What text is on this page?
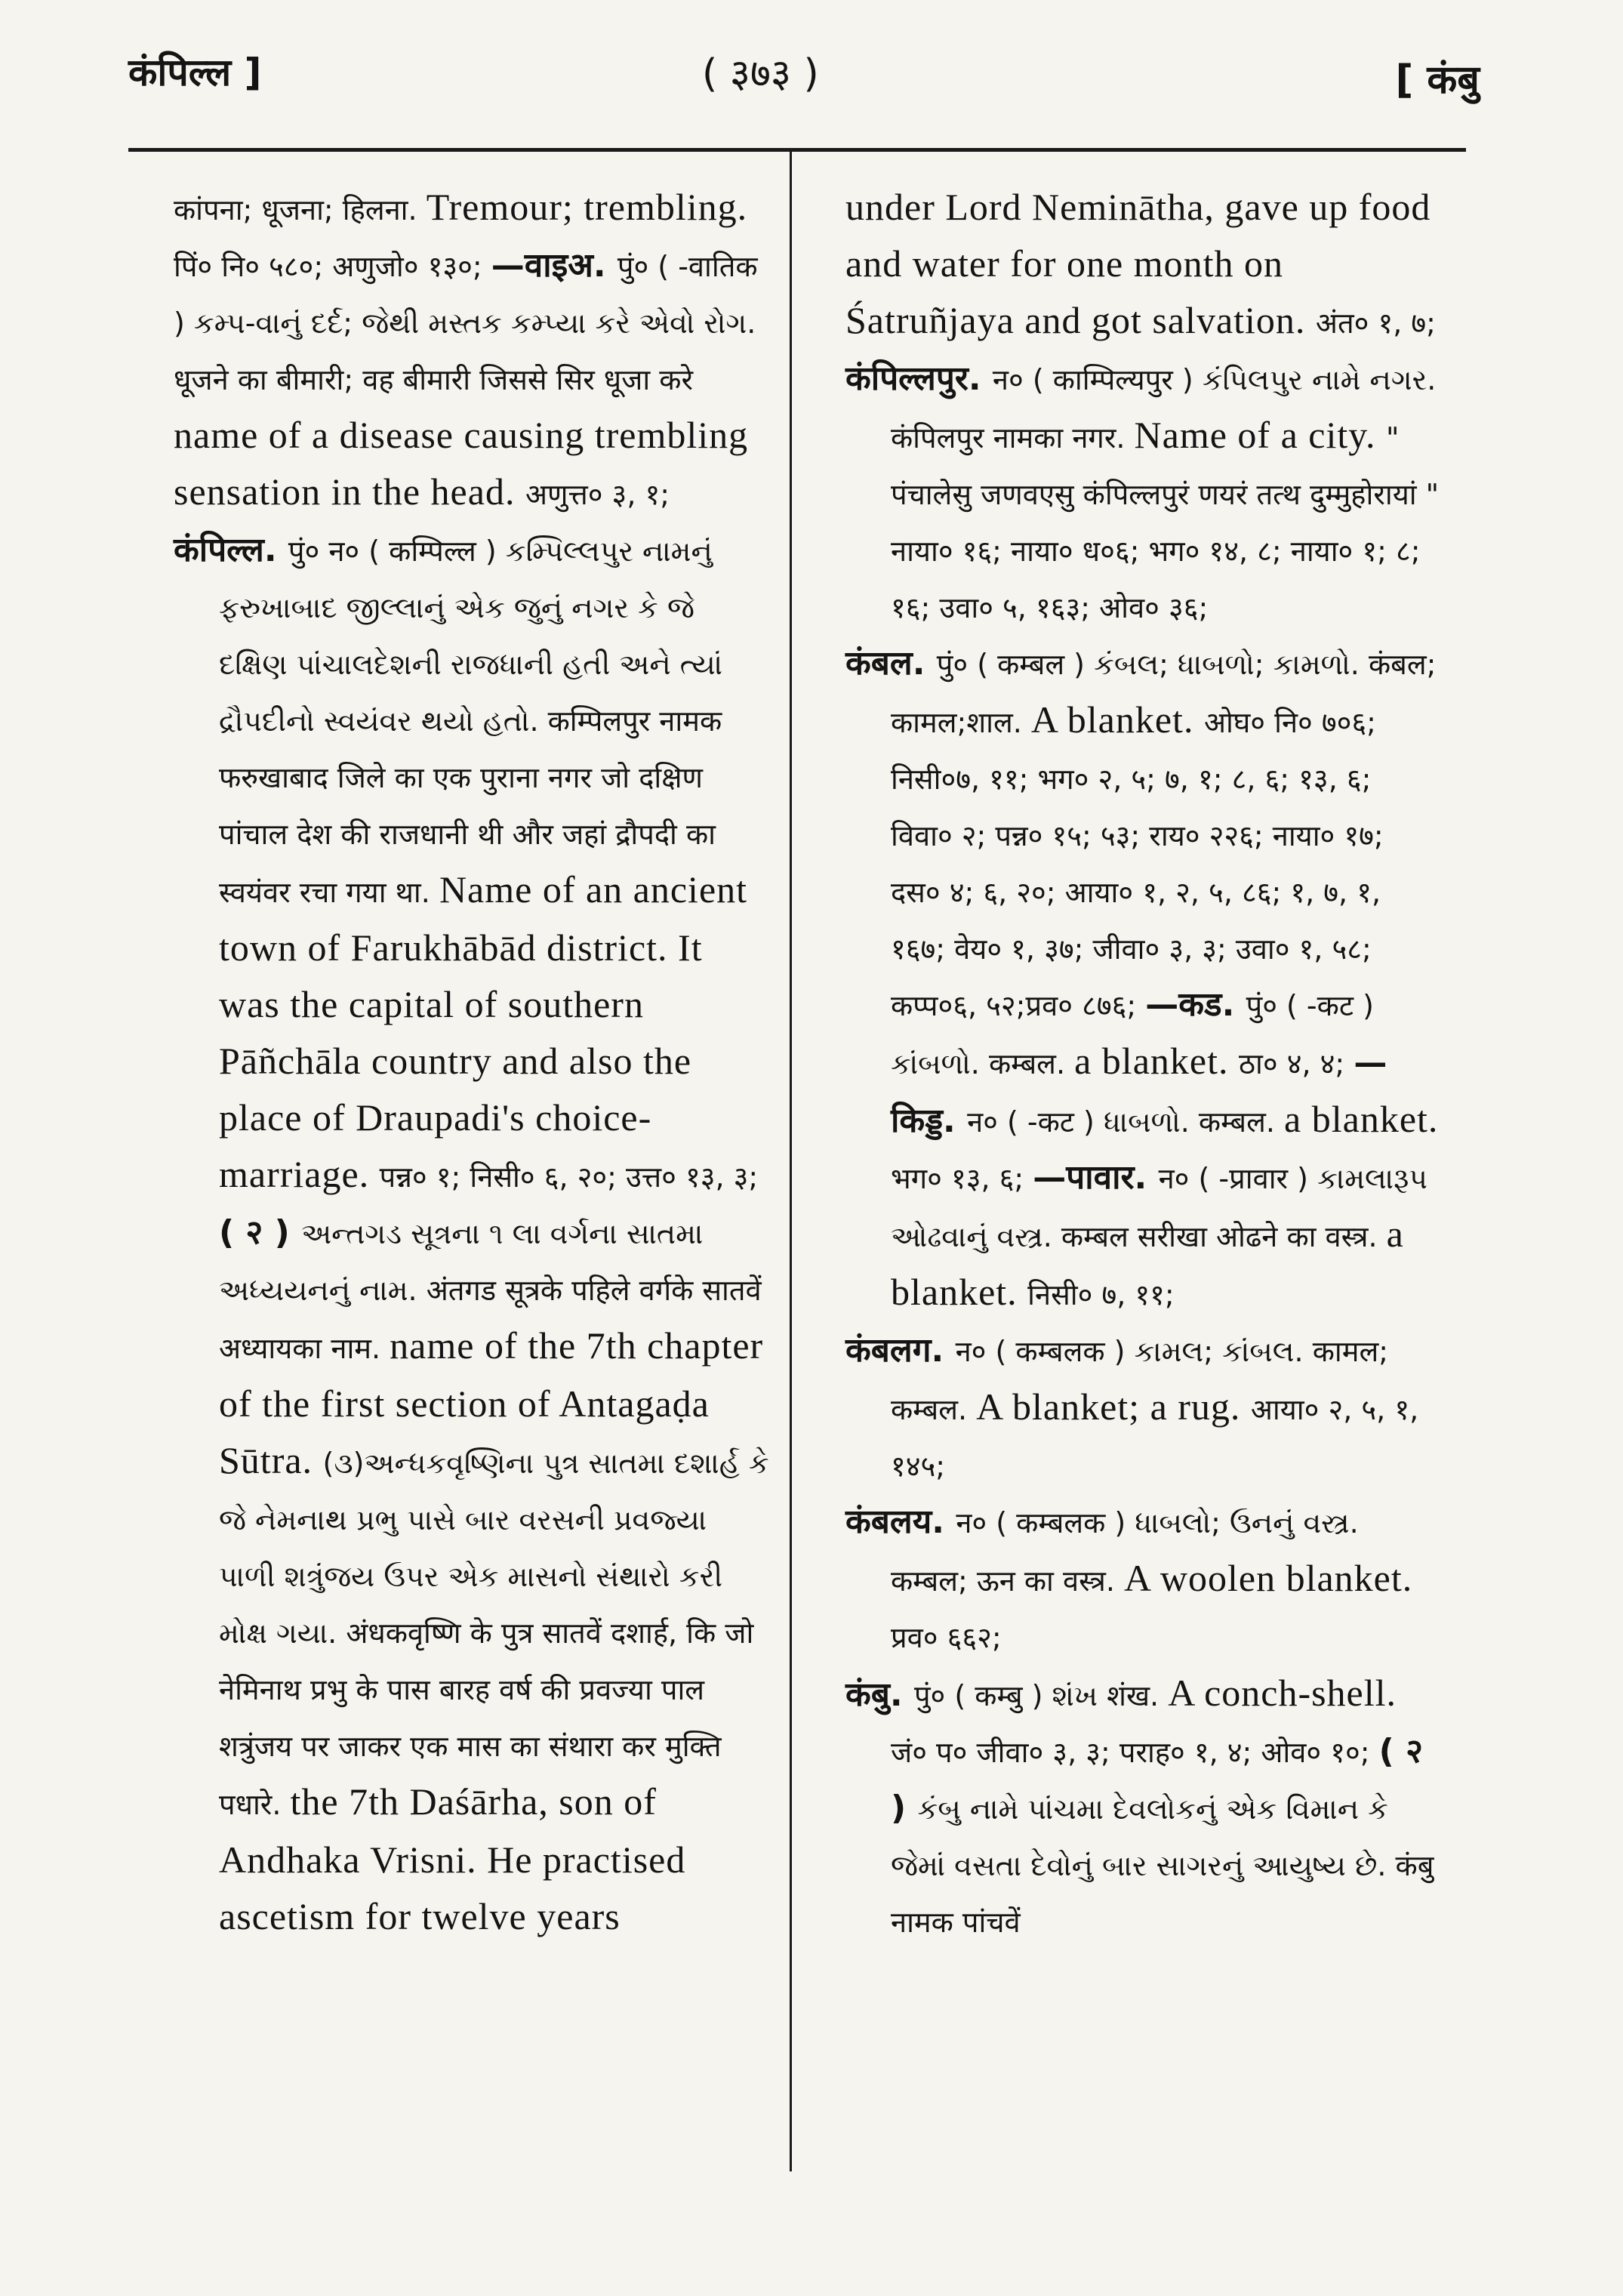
कंपिल्ल ]	( ३७३ )	[ कंबु

कांपना; धूजना; हिलना. Tremour; trembling. पिं० नि० ५८०; अणुजो० १३०; —वाइअ. पुं० ( -वातिक ) કમ્પ-વાનું દર્દ; જેથી મસ્તક કમ્પ્યા કરે એવો રોગ. धूजने का बीमारी; वह बीमारी जिससे सिर धूजा करे name of a disease causing trembling sensation in the head. अणुत्त० ३, १;

कंपिल्ल. पुं० न० ( कम्पिल्ल ) કમ્પિલ્લપુર નામનું ફરુખાબાદ જીલ્લાનું એક જુનું નગર કે જે દક્ષિણ પાંચાલદેશની રાજધાની હતી અને ત્યાં દ્રૌપદીનો સ્વયંવર થયો હતો. कम्पिलपुर नामक फरुखाबाद जिले का एक पुराना नगर जो दक्षिण पांचाल देश की राजधानी थी और जहां द्रौपदी का स्वयंवर रचा गया था. Name of an ancient town of Farukhābād district. It was the capital of southern Pāñchāla country and also the place of Draupadi's choice-marriage. पन्न० १; निसी० ६, २०; उत्त० १३, ३; ( २ ) અન્તગડ સૂત્રના ૧ લા વર્ગના સાતમા અધ્યયનનું નામ. अंतगड सूत्रके पहिले वर्गके सातवें अध्यायका नाम. name of the 7th chapter of the first section of Antagaḍa Sūtra. (૩)અન્ધકવૃષ્ણિના પુત્ર સાતમા દશાર્હ કે જે નેમનાથ પ્રભુ પાસે બાર વરસની પ્રવજ્યા પાળી શત્રુંજય ઉપર એક માસનો સંથારો કરી મોક્ષ ગયા. अंधकवृष्णि के पुत्र सातवें दशार्ह, कि जो नेमिनाथ प्रभु के पास बारह वर्ष की प्रवज्या पाल शत्रुंजय पर जाकर एक मास का संथारा कर मुक्ति पधारे. the 7th Daśārha, son of Andhaka Vrisni. He practised ascetism for twelve years

under Lord Neminātha, gave up food and water for one month on Śatruñjaya and got salvation. अंत० १, ७;

कंपिल्लपुर. न० ( काम्पिल्यपुर ) કંપિલપુર નામે નગર. कंपिलपुर नामका नगर. Name of a city. " पंचालेसु जणवएसु कंपिल्लपुरं णयरं तत्थ दुम्मुहोरायां " नाया० १६; नाया० ध०६; भग० १४, ८; नाया० १; ८; १६; उवा० ५, १६३; ओव० ३६;

कंबल. पुं० ( कम्बल ) કંબલ; ધાબળો; કામળો. कंबल; कामल;शाल. A blanket. ओघ० नि० ७०६; निसी०७, ११; भग० २, ५; ७, १; ८, ६; १३, ६; विवा० २; पन्न० १५; ५३; राय० २२६; नाया० १७; दस० ४; ६, २०; आया० १, २, ५, ८६; १, ७, १, १६७; वेय० १, ३७; जीवा० ३, ३; उवा० १, ५८; कप्प०६, ५२;प्रव० ८७६; —कड. पुं० ( -कट ) કાંબળો. कम्बल. a blanket. ठा० ४, ४; —किड्ड. न० ( -कट ) ધાબળો. कम्बल. a blanket. भग० १३, ६; —पावार. न० ( -प्रावार ) કામલારૂપ ઓઢવાનું વસ્ત્ર. कम्बल सरीखा ओढने का वस्त्र. a blanket. निसी० ७, ११;

कंबलग. न० ( कम्बलक ) કામલ; કાંબલ. कामल; कम्बल. A blanket; a rug. आया० २, ५, १, १४५;

कंबलय. न० ( कम्बलक ) ધાબલો; ઉનનું વસ્ત્ર. कम्बल; ऊन का वस्त्र. A woolen blanket. प्रव० ६६२;

कंबु. पुं० ( कम्बु ) શંખ शंख. A conch-shell. जं० प० जीवा० ३, ३; पराह० १, ४; ओव० १०; ( २ ) કંબુ નામે પાંચમા દેવલોકનું એક વિમાન કે જેમાં વસતા દેવોનું બાર સાગરનું આયુષ્ય છે. कंबु नामक पांचवें
